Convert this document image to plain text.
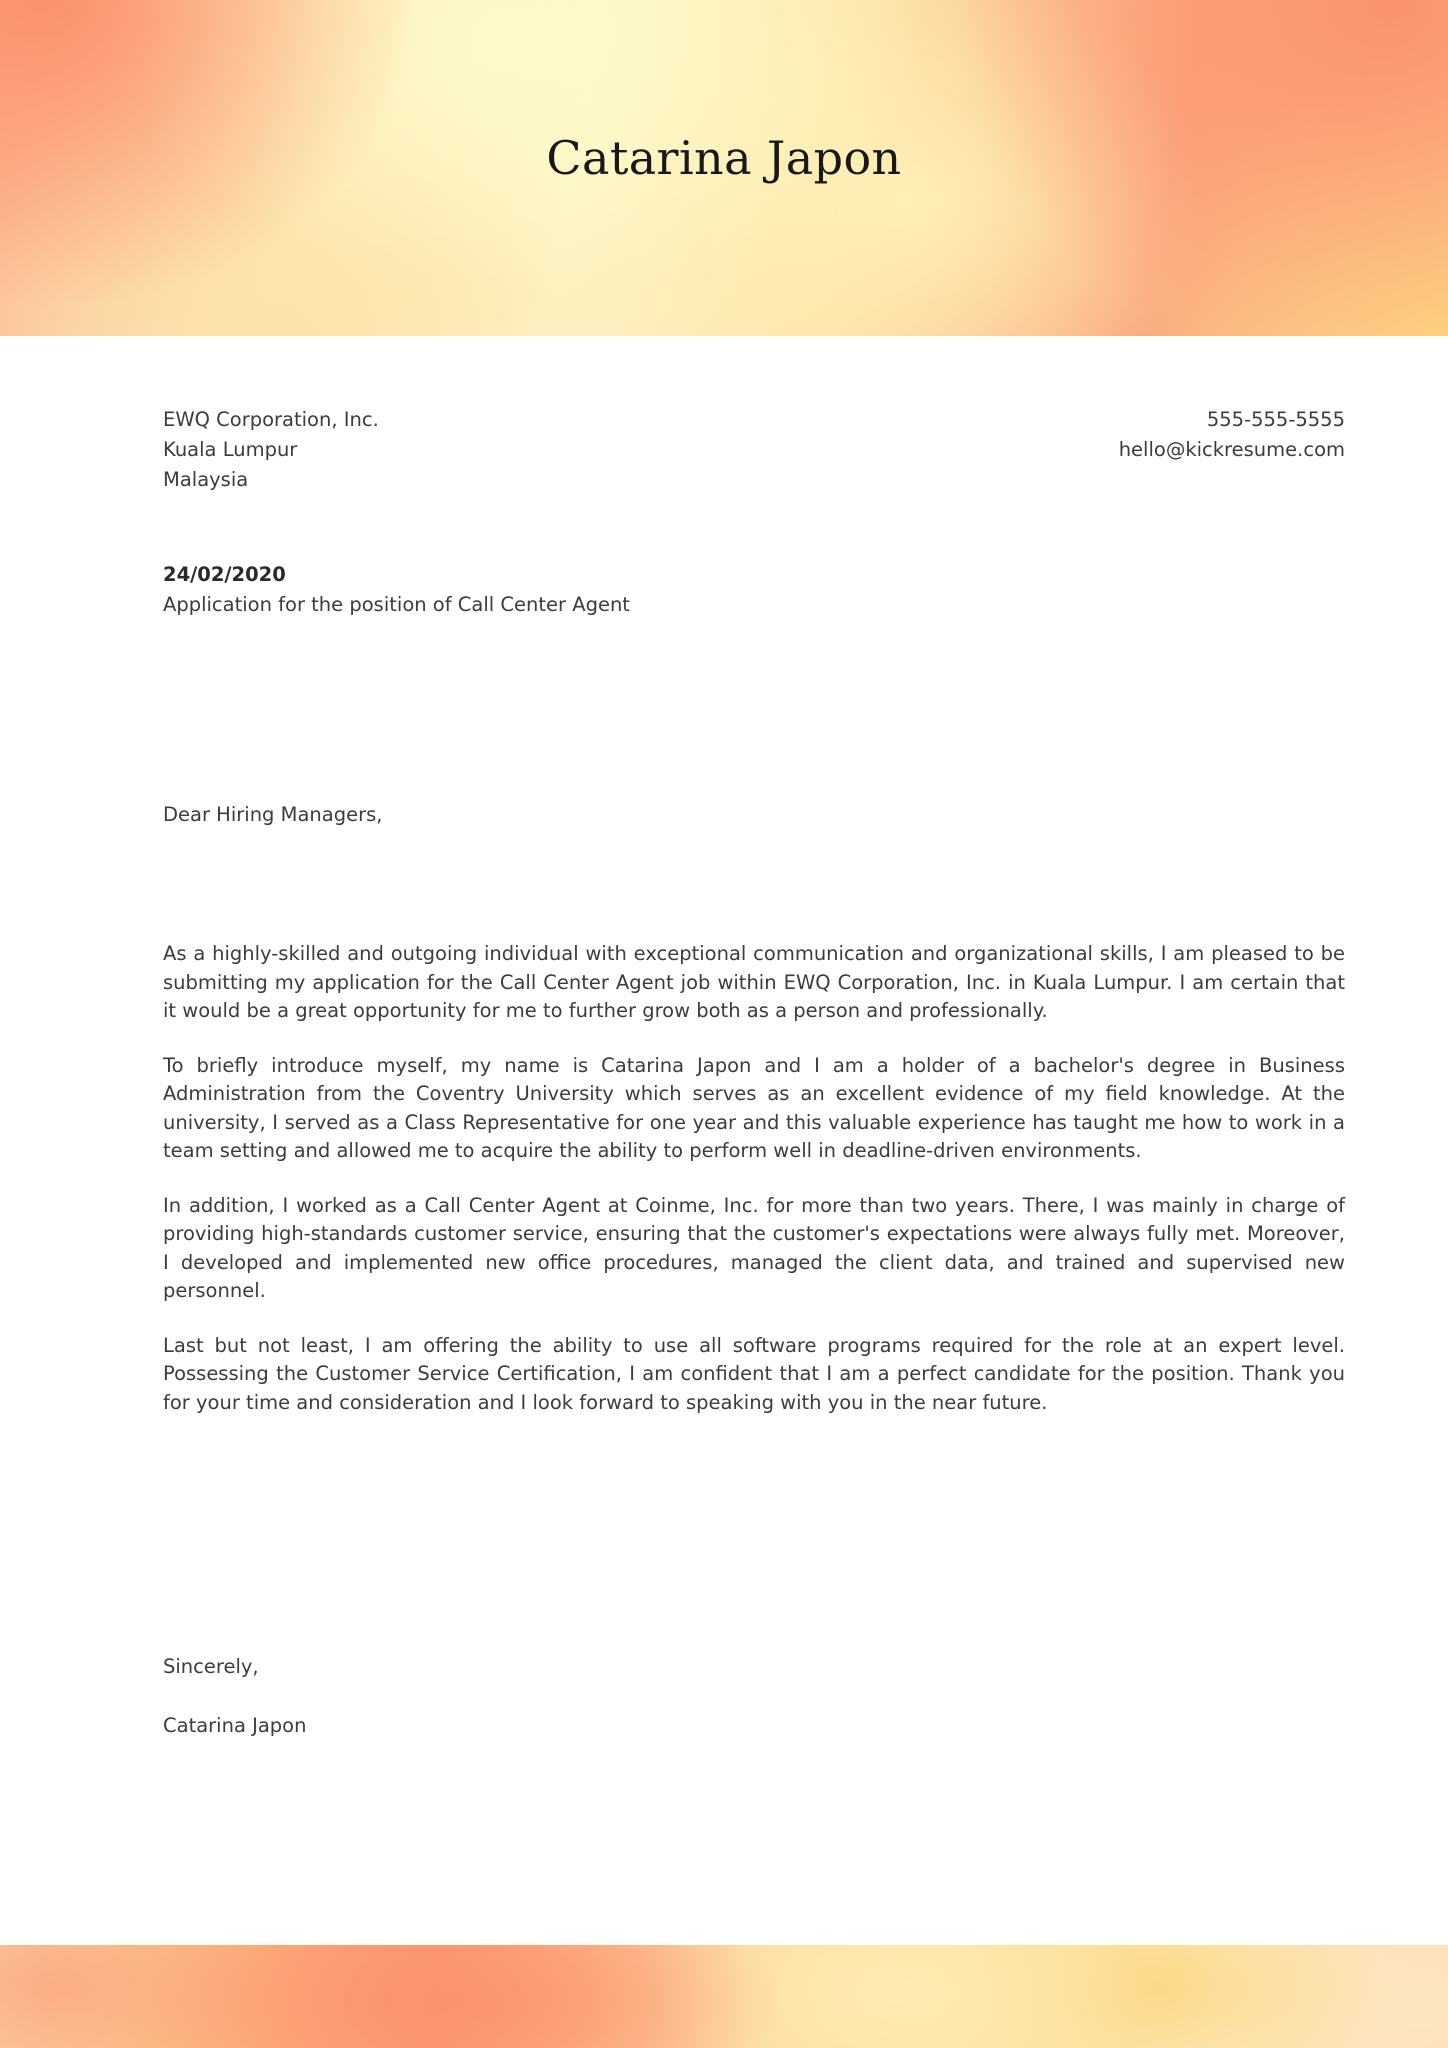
Catarina Japon
EWQ Corporation, Inc.
Kuala Lumpur
Malaysia
555-555-5555
hello@kickresume.com
24/02/2020
Application for the position of Call Center Agent
Dear Hiring Managers,

As a highly-skilled and outgoing individual with exceptional communication and organizational skills, I am pleased to be submitting my application for the Call Center Agent job within EWQ Corporation, Inc. in Kuala Lumpur. I am certain that it would be a great opportunity for me to further grow both as a person and professionally.

To briefly introduce myself, my name is Catarina Japon and I am a holder of a bachelor's degree in Business Administration from the Coventry University which serves as an excellent evidence of my field knowledge. At the university, I served as a Class Representative for one year and this valuable experience has taught me how to work in a team setting and allowed me to acquire the ability to perform well in deadline-driven environments.

In addition, I worked as a Call Center Agent at Coinme, Inc. for more than two years. There, I was mainly in charge of providing high-standards customer service, ensuring that the customer's expectations were always fully met. Moreover, I developed and implemented new office procedures, managed the client data, and trained and supervised new personnel.

Last but not least, I am offering the ability to use all software programs required for the role at an expert level. Possessing the Customer Service Certification, I am confident that I am a perfect candidate for the position. Thank you for your time and consideration and I look forward to speaking with you in the near future.

Sincerely,
Catarina Japon
